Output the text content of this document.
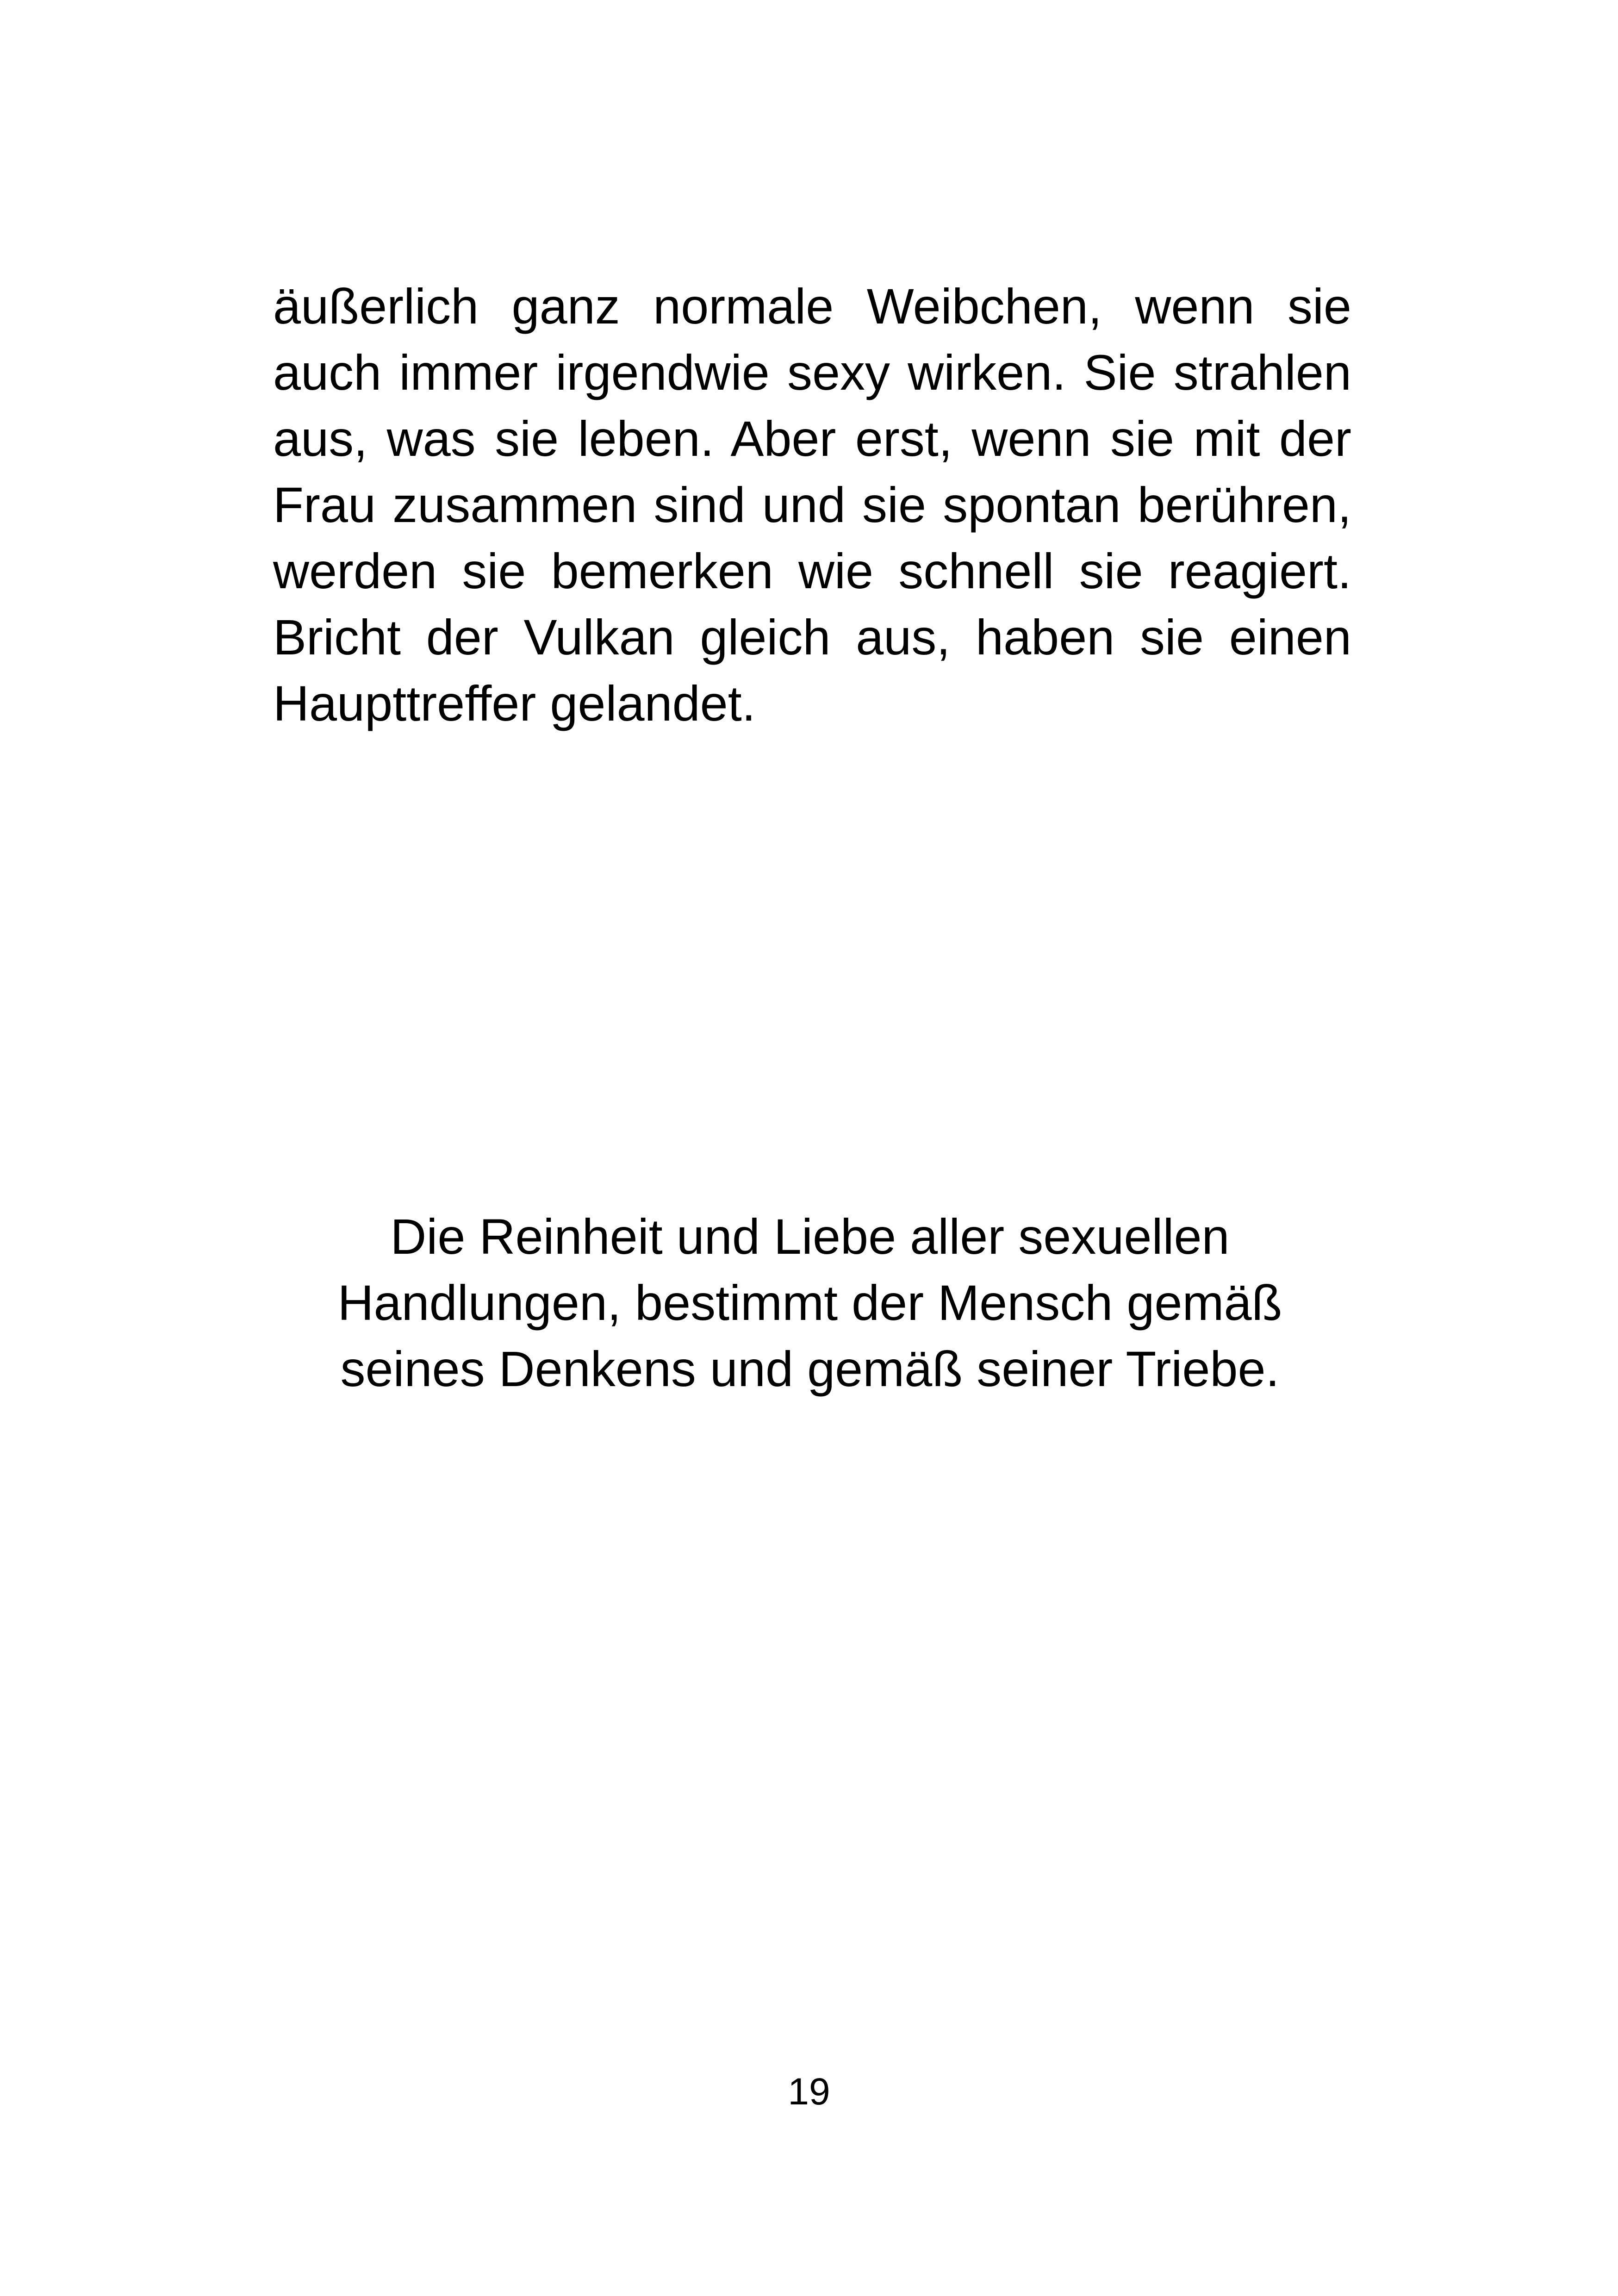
äußerlich ganz normale Weibchen, wenn sie
auch immer irgendwie sexy wirken. Sie strahlen
aus, was sie leben. Aber erst, wenn sie mit der
Frau zusammen sind und sie spontan berühren,
werden sie bemerken wie schnell sie reagiert.
Bricht der Vulkan gleich aus, haben sie einen
Haupttreffer gelandet.
Die Reinheit und Liebe aller sexuellen
Handlungen, bestimmt der Mensch gemäß
seines Denkens und gemäß seiner Triebe.
19
